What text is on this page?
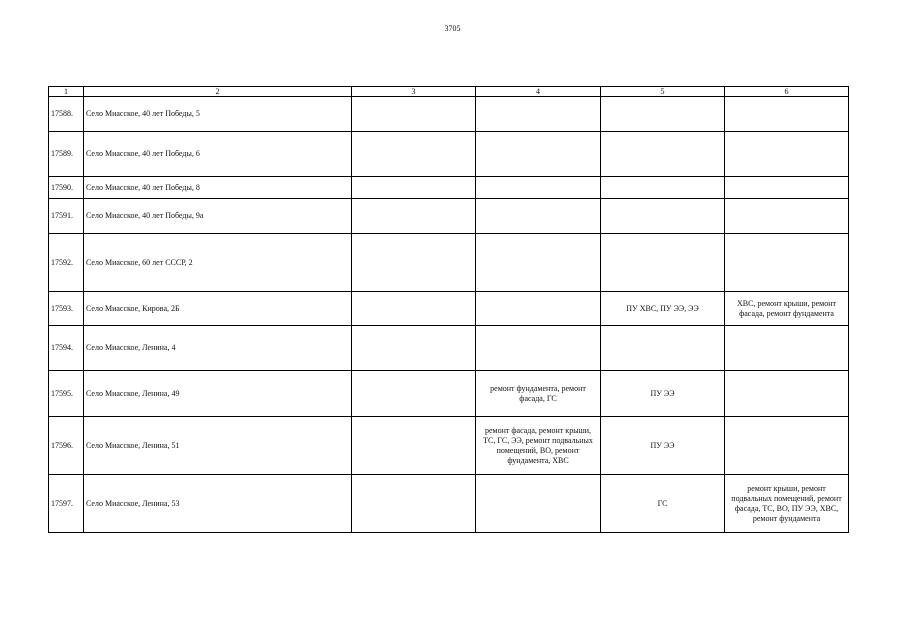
3705
1	2	3	4	5	6
17588.	Село Миасское, 40 лет Победы, 5				
17589.	Село Миасское, 40 лет Победы, 6				
17590.	Село Миасское, 40 лет Победы, 8				
17591.	Село Миасское, 40 лет Победы, 9а				
17592.	Село Миасское, 60 лет СССР, 2				
17593.	Село Миасское, Кирова, 2Б			ПУ ХВС, ПУ ЭЭ, ЭЭ	ХВС, ремонт крыши, ремонт фасада, ремонт фундамента
17594.	Село Миасское, Ленина, 4				
17595.	Село Миасское, Ленина, 49		ремонт фундамента, ремонт фасада, ГС	ПУ ЭЭ	
17596.	Село Миасское, Ленина, 51		ремонт фасада, ремонт крыши, ТС, ГС, ЭЭ, ремонт подвальных помещений, ВО, ремонт фундамента, ХВС	ПУ ЭЭ	
17597.	Село Миасское, Ленина, 53			ГС	ремонт крыши, ремонт подвальных помещений, ремонт фасада, ТС, ВО, ПУ ЭЭ, ХВС, ремонт фундамента
